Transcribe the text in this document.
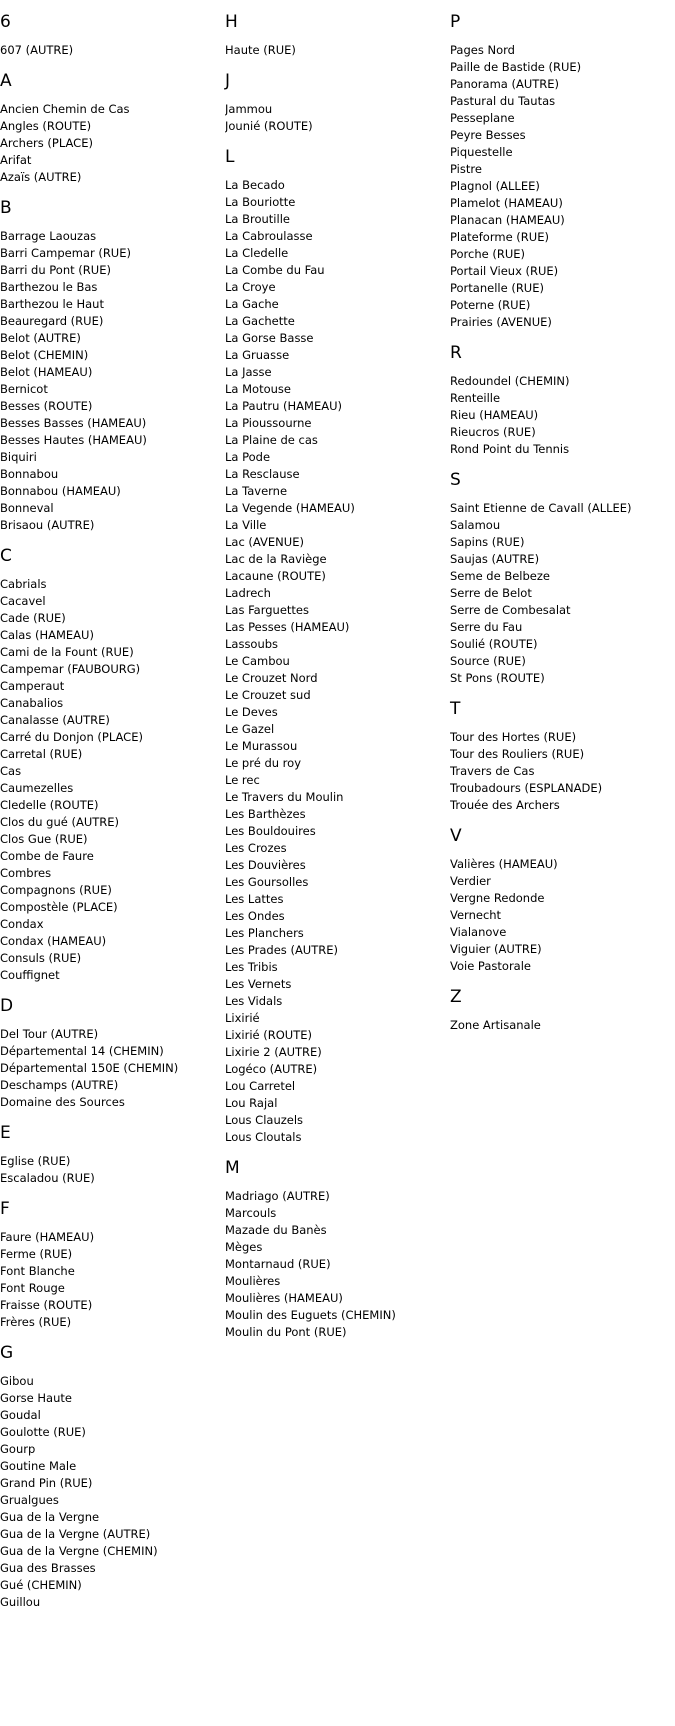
6
607 (AUTRE)
A
Ancien Chemin de Cas
Angles (ROUTE)
Archers (PLACE)
Arifat
Azaïs (AUTRE)
B
Barrage Laouzas
Barri Campemar (RUE)
Barri du Pont (RUE)
Barthezou le Bas
Barthezou le Haut
Beauregard (RUE)
Belot (AUTRE)
Belot (CHEMIN)
Belot (HAMEAU)
Bernicot
Besses (ROUTE)
Besses Basses (HAMEAU)
Besses Hautes (HAMEAU)
Biquiri
Bonnabou
Bonnabou (HAMEAU)
Bonneval
Brisaou (AUTRE)
C
Cabrials
Cacavel
Cade (RUE)
Calas (HAMEAU)
Cami de la Fount (RUE)
Campemar (FAUBOURG)
Camperaut
Canabalios
Canalasse (AUTRE)
Carré du Donjon (PLACE)
Carretal (RUE)
Cas
Caumezelles
Cledelle (ROUTE)
Clos du gué (AUTRE)
Clos Gue (RUE)
Combe de Faure
Combres
Compagnons (RUE)
Compostèle (PLACE)
Condax
Condax (HAMEAU)
Consuls (RUE)
Couffignet
D
Del Tour (AUTRE)
Départemental 14 (CHEMIN)
Départemental 150E (CHEMIN)
Deschamps (AUTRE)
Domaine des Sources
E
Eglise (RUE)
Escaladou (RUE)
F
Faure (HAMEAU)
Ferme (RUE)
Font Blanche
Font Rouge
Fraisse (ROUTE)
Frères (RUE)
G
Gibou
Gorse Haute
Goudal
Goulotte (RUE)
Gourp
Goutine Male
Grand Pin (RUE)
Grualgues
Gua de la Vergne
Gua de la Vergne (AUTRE)
Gua de la Vergne (CHEMIN)
Gua des Brasses
Gué (CHEMIN)
Guillou
H
Haute (RUE)
J
Jammou
Jounié (ROUTE)
L
La Becado
La Bouriotte
La Broutille
La Cabroulasse
La Cledelle
La Combe du Fau
La Croye
La Gache
La Gachette
La Gorse Basse
La Gruasse
La Jasse
La Motouse
La Pautru (HAMEAU)
La Pioussourne
La Plaine de cas
La Pode
La Resclause
La Taverne
La Vegende (HAMEAU)
La Ville
Lac (AVENUE)
Lac de la Raviège
Lacaune (ROUTE)
Ladrech
Las Farguettes
Las Pesses (HAMEAU)
Lassoubs
Le Cambou
Le Crouzet Nord
Le Crouzet sud
Le Deves
Le Gazel
Le Murassou
Le pré du roy
Le rec
Le Travers du Moulin
Les Barthèzes
Les Bouldouires
Les Crozes
Les Douvières
Les Goursolles
Les Lattes
Les Ondes
Les Planchers
Les Prades (AUTRE)
Les Tribis
Les Vernets
Les Vidals
Lixirié
Lixirié (ROUTE)
Lixirie 2 (AUTRE)
Logéco (AUTRE)
Lou Carretel
Lou Rajal
Lous Clauzels
Lous Cloutals
M
Madriago (AUTRE)
Marcouls
Mazade du Banès
Mèges
Montarnaud (RUE)
Moulières
Moulières (HAMEAU)
Moulin des Euguets (CHEMIN)
Moulin du Pont (RUE)
P
Pages Nord
Paille de Bastide (RUE)
Panorama (AUTRE)
Pastural du Tautas
Pesseplane
Peyre Besses
Piquestelle
Pistre
Plagnol (ALLEE)
Plamelot (HAMEAU)
Planacan (HAMEAU)
Plateforme (RUE)
Porche (RUE)
Portail Vieux (RUE)
Portanelle (RUE)
Poterne (RUE)
Prairies (AVENUE)
R
Redoundel (CHEMIN)
Renteille
Rieu (HAMEAU)
Rieucros (RUE)
Rond Point du Tennis
S
Saint Etienne de Cavall (ALLEE)
Salamou
Sapins (RUE)
Saujas (AUTRE)
Seme de Belbeze
Serre de Belot
Serre de Combesalat
Serre du Fau
Soulié (ROUTE)
Source (RUE)
St Pons (ROUTE)
T
Tour des Hortes (RUE)
Tour des Rouliers (RUE)
Travers de Cas
Troubadours (ESPLANADE)
Trouée des Archers
V
Valières (HAMEAU)
Verdier
Vergne Redonde
Vernecht
Vialanove
Viguier (AUTRE)
Voie Pastorale
Z
Zone Artisanale
